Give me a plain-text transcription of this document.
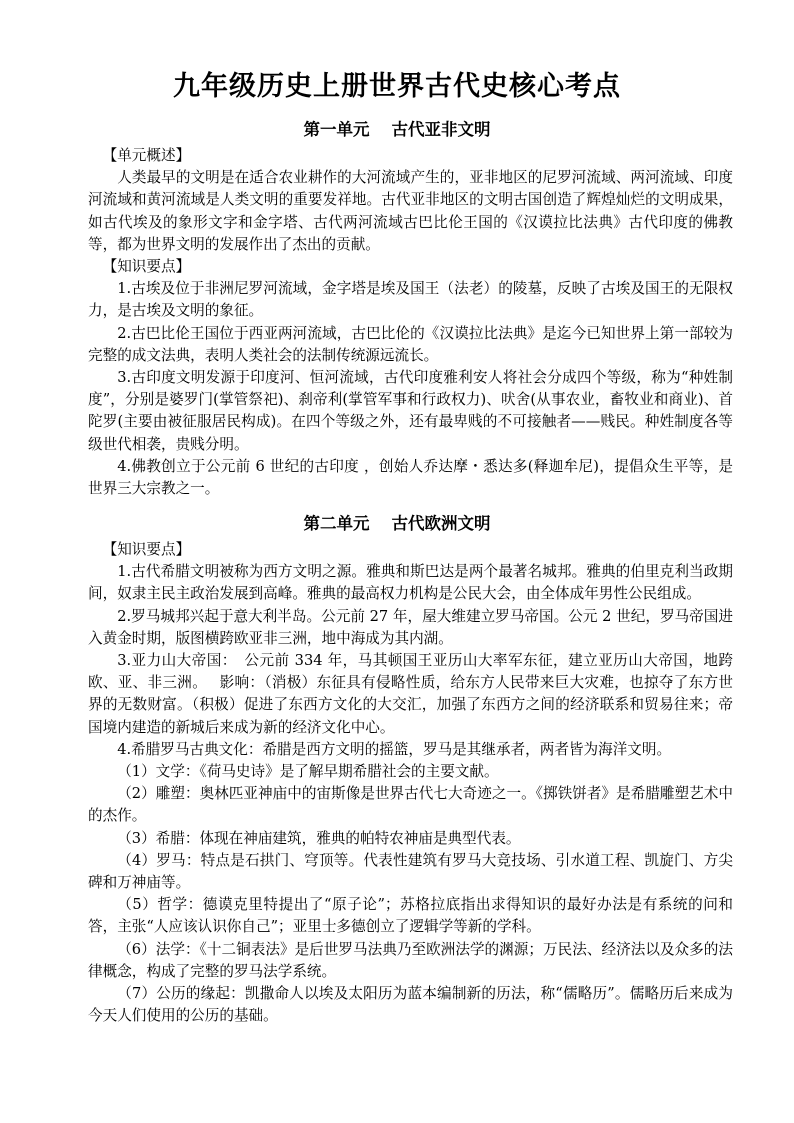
九年级历史上册世界古代史核心考点
第一单元 古代亚非文明

【单元概述】

人类最早的文明是在适合农业耕作的大河流域产生的，亚非地区的尼罗河流域、两河流域、印度河流域和黄河流域是人类文明的重要发祥地。古代亚非地区的文明古国创造了辉煌灿烂的文明成果，如古代埃及的象形文字和金字塔、古代两河流域古巴比伦王国的《汉谟拉比法典》古代印度的佛教等，都为世界文明的发展作出了杰出的贡献。

【知识要点】

1.古埃及位于非洲尼罗河流域，金字塔是埃及国王（法老）的陵墓，反映了古埃及国王的无限权力，是古埃及文明的象征。

2.古巴比伦王国位于西亚两河流域，古巴比伦的《汉谟拉比法典》是迄今已知世界上第一部较为完整的成文法典，表明人类社会的法制传统源远流长。

3.古印度文明发源于印度河、恒河流域，古代印度雅利安人将社会分成四个等级，称为“种姓制度”，分别是婆罗门(掌管祭祀)、刹帝利(掌管军事和行政权力)、吠舍(从事农业，畜牧业和商业)、首陀罗(主要由被征服居民构成)。在四个等级之外，还有最卑贱的不可接触者——贱民。种姓制度各等级世代相袭，贵贱分明。

4.佛教创立于公元前 6 世纪的古印度 ，创始人乔达摩・悉达多(释迦牟尼)，提倡众生平等，是世界三大宗教之一。

第二单元 古代欧洲文明

【知识要点】

1.古代希腊文明被称为西方文明之源。雅典和斯巴达是两个最著名城邦。雅典的伯里克利当政期间，奴隶主民主政治发展到高峰。雅典的最高权力机构是公民大会，由全体成年男性公民组成。

2.罗马城邦兴起于意大利半岛。公元前 27 年，屋大维建立罗马帝国。公元 2 世纪，罗马帝国进入黄金时期，版图横跨欧亚非三洲，地中海成为其内湖。

3.亚力山大帝国：　公元前 334 年，马其顿国王亚历山大率军东征，建立亚历山大帝国，地跨欧、亚、非三洲。　 影响：（消极）东征具有侵略性质，给东方人民带来巨大灾难，也掠夺了东方世界的无数财富。（积极）促进了东西方文化的大交汇，加强了东西方之间的经济联系和贸易往来；帝国境内建造的新城后来成为新的经济文化中心。

4.希腊罗马古典文化：希腊是西方文明的摇篮，罗马是其继承者，两者皆为海洋文明。

（1）文学：《荷马史诗》是了解早期希腊社会的主要文献。

（2）雕塑：奥林匹亚神庙中的宙斯像是世界古代七大奇迹之一。《掷铁饼者》是希腊雕塑艺术中的杰作。

（3）希腊：体现在神庙建筑，雅典的帕特农神庙是典型代表。

（4）罗马：特点是石拱门、穹顶等。代表性建筑有罗马大竞技场、引水道工程、凯旋门、方尖碑和万神庙等。

（5）哲学：德谟克里特提出了“原子论”；苏格拉底指出求得知识的最好办法是有系统的问和答，主张“人应该认识你自己”；亚里士多德创立了逻辑学等新的学科。

（6）法学：《十二铜表法》是后世罗马法典乃至欧洲法学的渊源；万民法、经济法以及众多的法律概念，构成了完整的罗马法学系统。

（7）公历的缘起：凯撒命人以埃及太阳历为蓝本编制新的历法，称“儒略历”。儒略历后来成为今天人们使用的公历的基础。
